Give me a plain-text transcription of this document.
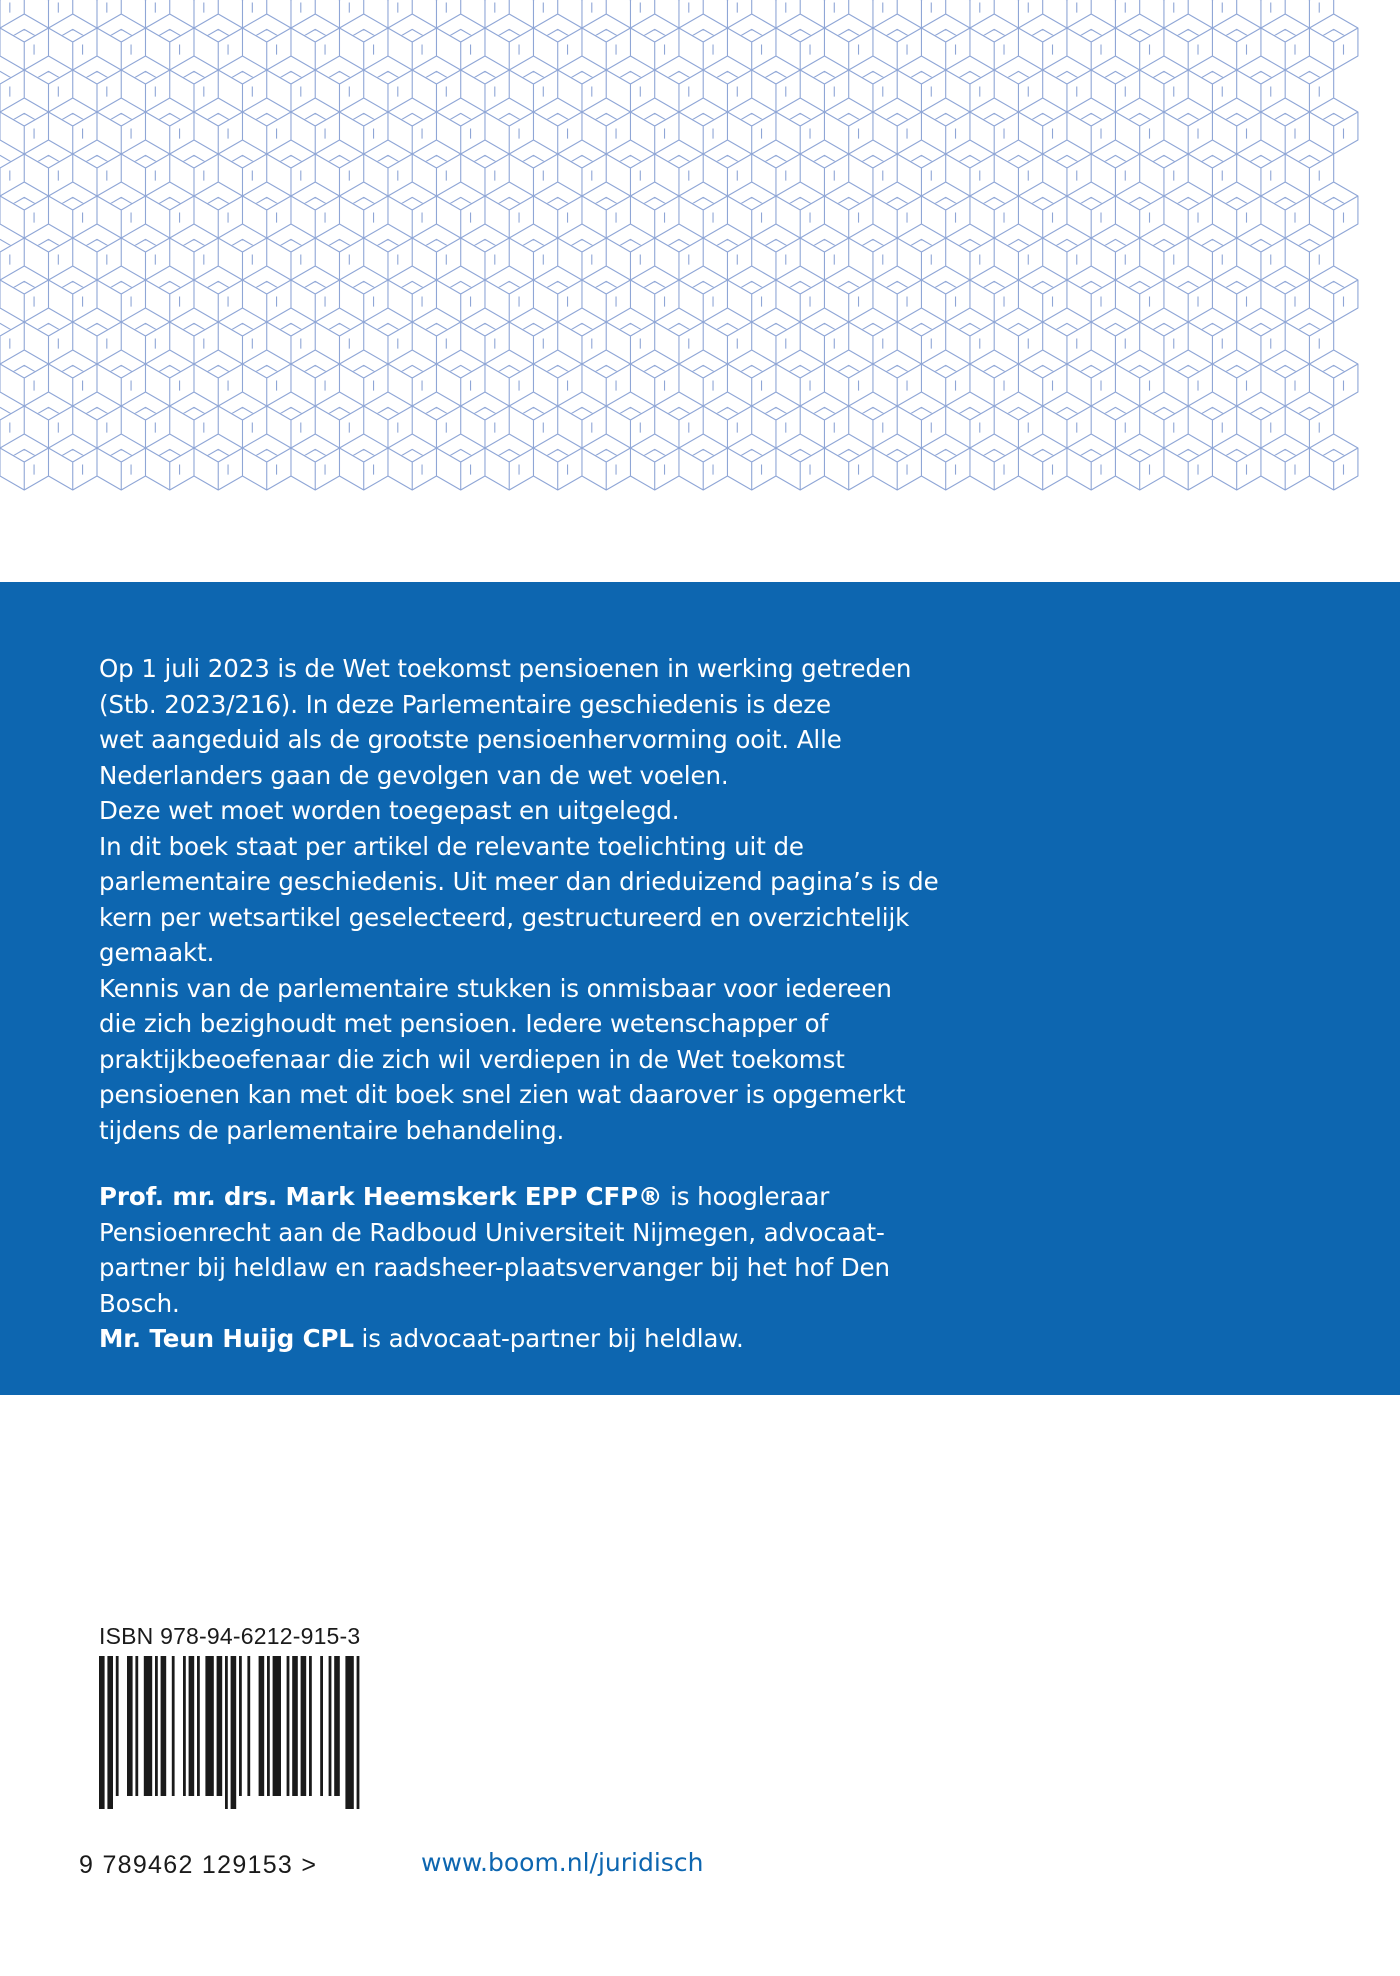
Op 1 juli 2023 is de Wet toekomst pensioenen in werking getreden
(Stb. 2023/216). In deze Parlementaire geschiedenis is deze
wet aangeduid als de grootste pensioenhervorming ooit. Alle
Nederlanders gaan de gevolgen van de wet voelen.
Deze wet moet worden toegepast en uitgelegd.
In dit boek staat per artikel de relevante toelichting uit de
parlementaire geschiedenis. Uit meer dan drieduizend pagina’s is de
kern per wetsartikel geselecteerd, gestructureerd en overzichtelijk
gemaakt.
Kennis van de parlementaire stukken is onmisbaar voor iedereen
die zich bezighoudt met pensioen. Iedere wetenschapper of
praktijkbeoefenaar die zich wil verdiepen in de Wet toekomst
pensioenen kan met dit boek snel zien wat daarover is opgemerkt
tijdens de parlementaire behandeling.

Prof. mr. drs. Mark Heemskerk EPP CFP® is hoogleraar Pensioenrecht aan de Radboud Universiteit Nijmegen, advocaat-partner bij heldlaw en raadsheer-plaatsvervanger bij het hof Den Bosch.
Mr. Teun Huijg CPL is advocaat-partner bij heldlaw.

ISBN 978-94-6212-915-3
9 789462 129153 >	www.boom.nl/juridisch
